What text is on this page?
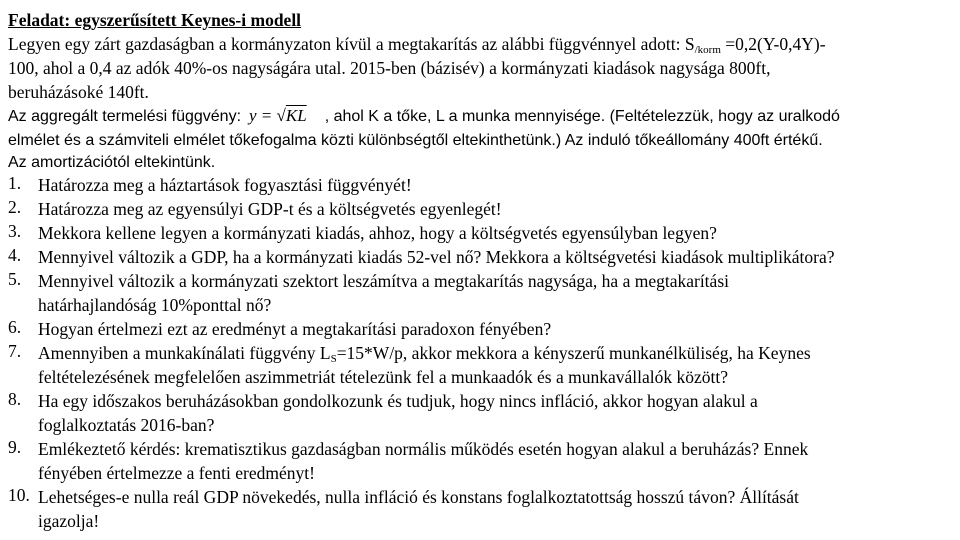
Feladat: egyszerűsített Keynes-i modell
Legyen egy zárt gazdaságban a kormányzaton kívül a megtakarítás az alábbi függvénnyel adott: $S_{/korm} =0,2(Y-0,4Y)-$
100, ahol a 0,4 az adók 40%-os nagyságára utal. 2015-ben (bázisév) a kormányzati kiadások nagysága 800ft,
beruházásoké 140ft.
Az aggregált termelési függvény: y = √KL , ahol K a tőke, L a munka mennyisége. (Feltételezzük, hogy az uralkodó
elmélet és a számviteli elmélet tőkefogalma közti különbségtől eltekinthetünk.) Az induló tőkeállomány 400ft értékű.
Az amortizációtól eltekintünk.
1. Határozza meg a háztartások fogyasztási függvényét!
2. Határozza meg az egyensúlyi GDP-t és a költségvetés egyenlegét!
3. Mekkora kellene legyen a kormányzati kiadás, ahhoz, hogy a költségvetés egyensúlyban legyen?
4. Mennyivel változik a GDP, ha a kormányzati kiadás 52-vel nő? Mekkora a költségvetési kiadások multiplikátora?
5. Mennyivel változik a kormányzati szektort leszámítva a megtakarítás nagysága, ha a megtakarítási
határhajlandóság 10%ponttal nő?
6. Hogyan értelmezi ezt az eredményt a megtakarítási paradoxon fényében?
7. Amennyiben a munkakínálati függvény $L_S=15*W/p$, akkor mekkora a kényszerű munkanélküliség, ha Keynes
feltételezésének megfelelően aszimmetriát tételezünk fel a munkaadók és a munkavállalók között?
8. Ha egy időszakos beruházásokban gondolkozunk és tudjuk, hogy nincs infláció, akkor hogyan alakul a
foglalkoztatás 2016-ban?
9. Emlékeztető kérdés: krematisztikus gazdaságban normális működés esetén hogyan alakul a beruházás? Ennek
fényében értelmezze a fenti eredményt!
10. Lehetséges-e nulla reál GDP növekedés, nulla infláció és konstans foglalkoztatottság hosszú távon? Állítását
igazolja!
